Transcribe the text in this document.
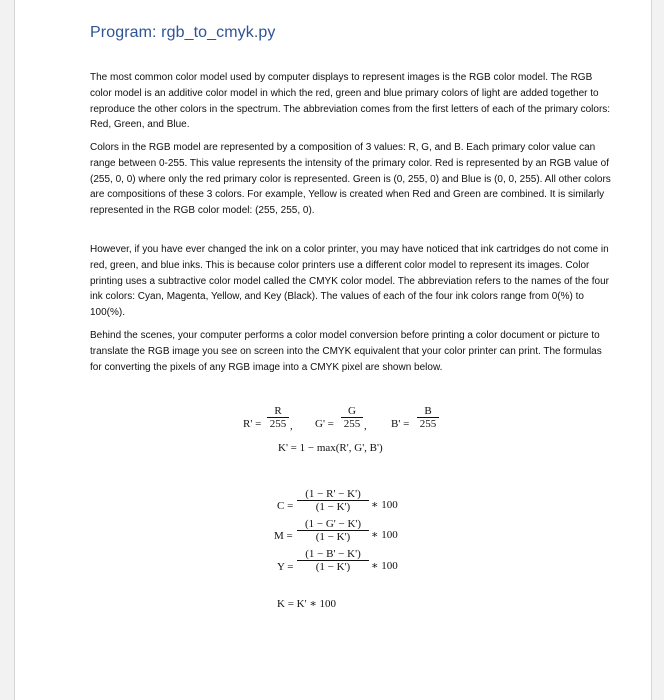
Program: rgb_to_cmyk.py

The most common color model used by computer displays to represent images is the RGB color model. The RGB color model is an additive color model in which the red, green and blue primary colors of light are added together to reproduce the other colors in the spectrum. The abbreviation comes from the first letters of each of the primary colors: Red, Green, and Blue.

Colors in the RGB model are represented by a composition of 3 values: R, G, and B. Each primary color value can range between 0-255. This value represents the intensity of the primary color. Red is represented by an RGB value of (255, 0, 0) where only the red primary color is represented. Green is (0, 255, 0) and Blue is (0, 0, 255). All other colors are compositions of these 3 colors. For example, Yellow is created when Red and Green are combined. It is similarly represented in the RGB color model: (255, 255, 0).

However, if you have ever changed the ink on a color printer, you may have noticed that ink cartridges do not come in red, green, and blue inks. This is because color printers use a different color model to represent its images. Color printing uses a subtractive color model called the CMYK color model. The abbreviation refers to the names of the four ink colors: Cyan, Magenta, Yellow, and Key (Black). The values of each of the four ink colors range from 0(%) to 100(%).

Behind the scenes, your computer performs a color model conversion before printing a color document or picture to translate the RGB image you see on screen into the CMYK equivalent that your color printer can print. The formulas for converting the pixels of any RGB image into a CMYK pixel are shown below.

$R' = \frac{R}{255}$ , $G' = \frac{G}{255}$ , $B' = \frac{B}{255}$
K' = 1 − max(R', G', B')
$C = \frac{(1 - R' - K')}{(1 - K')}$ ∗ 100
$M = \frac{(1 - G' - K')}{(1 - K')}$ ∗ 100
$Y = \frac{(1 - B' - K')}{(1 - K')}$ ∗ 100
K = K' ∗ 100
